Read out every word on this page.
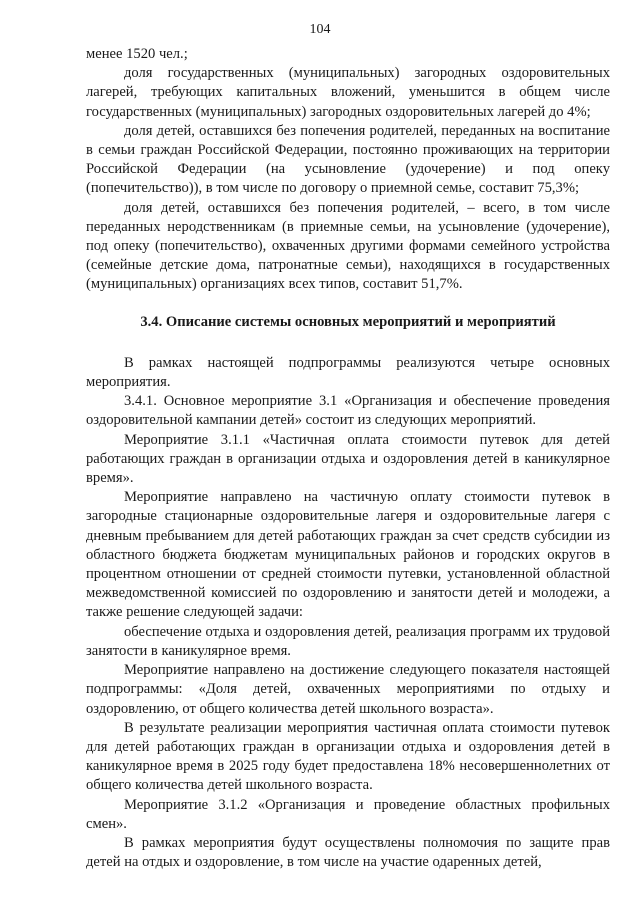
104

менее 1520 чел.;

доля государственных (муниципальных) загородных оздоровительных лагерей, требующих капитальных вложений, уменьшится в общем числе государственных (муниципальных) загородных оздоровительных лагерей до 4%;

доля детей, оставшихся без попечения родителей, переданных на воспитание в семьи граждан Российской Федерации, постоянно проживающих на территории Российской Федерации (на усыновление (удочерение) и под опеку (попечительство)), в том числе по договору о приемной семье, составит 75,3%;

доля детей, оставшихся без попечения родителей, – всего, в том числе переданных неродственникам (в приемные семьи, на усыновление (удочерение), под опеку (попечительство), охваченных другими формами семейного устройства (семейные детские дома, патронатные семьи), находящихся в государственных (муниципальных) организациях всех типов, составит 51,7%.

3.4. Описание системы основных мероприятий и мероприятий

В рамках настоящей подпрограммы реализуются четыре основных мероприятия.

3.4.1. Основное мероприятие 3.1 «Организация и обеспечение проведения оздоровительной кампании детей» состоит из следующих мероприятий.

Мероприятие 3.1.1 «Частичная оплата стоимости путевок для детей работающих граждан в организации отдыха и оздоровления детей в каникулярное время».

Мероприятие направлено на частичную оплату стоимости путевок в загородные стационарные оздоровительные лагеря и оздоровительные лагеря с дневным пребыванием для детей работающих граждан за счет средств субсидии из областного бюджета бюджетам муниципальных районов и городских округов в процентном отношении от средней стоимости путевки, установленной областной межведомственной комиссией по оздоровлению и занятости детей и молодежи, а также решение следующей задачи:

обеспечение отдыха и оздоровления детей, реализация программ их трудовой занятости в каникулярное время.

Мероприятие направлено на достижение следующего показателя настоящей подпрограммы: «Доля детей, охваченных мероприятиями по отдыху и оздоровлению, от общего количества детей школьного возраста».

В результате реализации мероприятия частичная оплата стоимости путевок для детей работающих граждан в организации отдыха и оздоровления детей в каникулярное время в 2025 году будет предоставлена 18% несовершеннолетних от общего количества детей школьного возраста.

Мероприятие 3.1.2 «Организация и проведение областных профильных смен».

В рамках мероприятия будут осуществлены полномочия по защите прав детей на отдых и оздоровление, в том числе на участие одаренных детей,
